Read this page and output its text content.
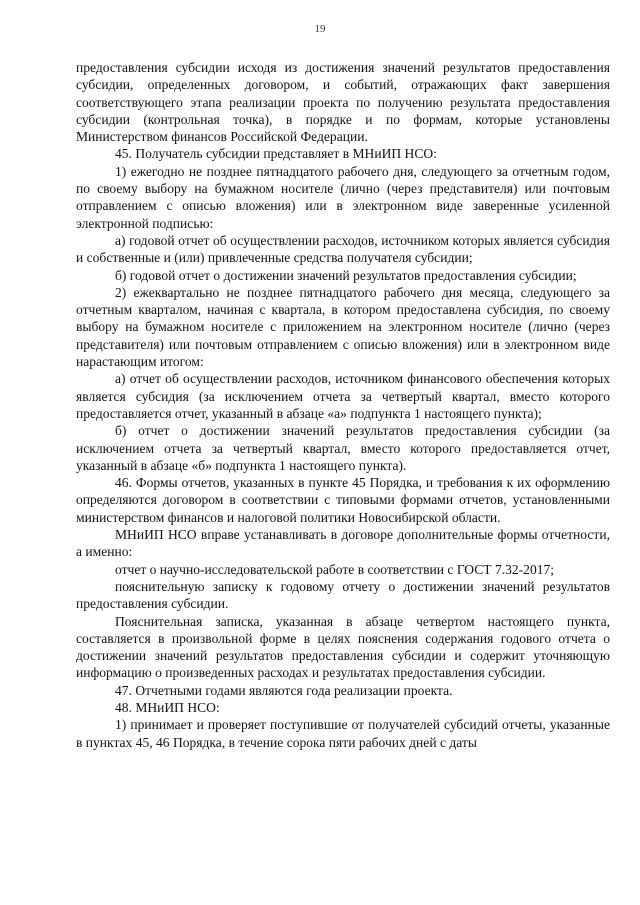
19

предоставления субсидии исходя из достижения значений результатов предоставления субсидии, определенных договором, и событий, отражающих факт завершения соответствующего этапа реализации проекта по получению результата предоставления субсидии (контрольная точка), в порядке и по формам, которые установлены Министерством финансов Российской Федерации.

45. Получатель субсидии представляет в МНиИП НСО:

1) ежегодно не позднее пятнадцатого рабочего дня, следующего за отчетным годом, по своему выбору на бумажном носителе (лично (через представителя) или почтовым отправлением с описью вложения) или в электронном виде заверенные усиленной электронной подписью:

а) годовой отчет об осуществлении расходов, источником которых является субсидия и собственные и (или) привлеченные средства получателя субсидии;

б) годовой отчет о достижении значений результатов предоставления субсидии;

2) ежеквартально не позднее пятнадцатого рабочего дня месяца, следующего за отчетным кварталом, начиная с квартала, в котором предоставлена субсидия, по своему выбору на бумажном носителе с приложением на электронном носителе (лично (через представителя) или почтовым отправлением с описью вложения) или в электронном виде нарастающим итогом:

а) отчет об осуществлении расходов, источником финансового обеспечения которых является субсидия (за исключением отчета за четвертый квартал, вместо которого предоставляется отчет, указанный в абзаце «а» подпункта 1 настоящего пункта);

б) отчет о достижении значений результатов предоставления субсидии (за исключением отчета за четвертый квартал, вместо которого предоставляется отчет, указанный в абзаце «б» подпункта 1 настоящего пункта).

46. Формы отчетов, указанных в пункте 45 Порядка, и требования к их оформлению определяются договором в соответствии с типовыми формами отчетов, установленными министерством финансов и налоговой политики Новосибирской области.

МНиИП НСО вправе устанавливать в договоре дополнительные формы отчетности, а именно:

отчет о научно-исследовательской работе в соответствии с ГОСТ 7.32-2017;

пояснительную записку к годовому отчету о достижении значений результатов предоставления субсидии.

Пояснительная записка, указанная в абзаце четвертом настоящего пункта, составляется в произвольной форме в целях пояснения содержания годового отчета о достижении значений результатов предоставления субсидии и содержит уточняющую информацию о произведенных расходах и результатах предоставления субсидии.

47. Отчетными годами являются года реализации проекта.

48. МНиИП НСО:

1) принимает и проверяет поступившие от получателей субсидий отчеты, указанные в пунктах 45, 46 Порядка, в течение сорока пяти рабочих дней с даты
